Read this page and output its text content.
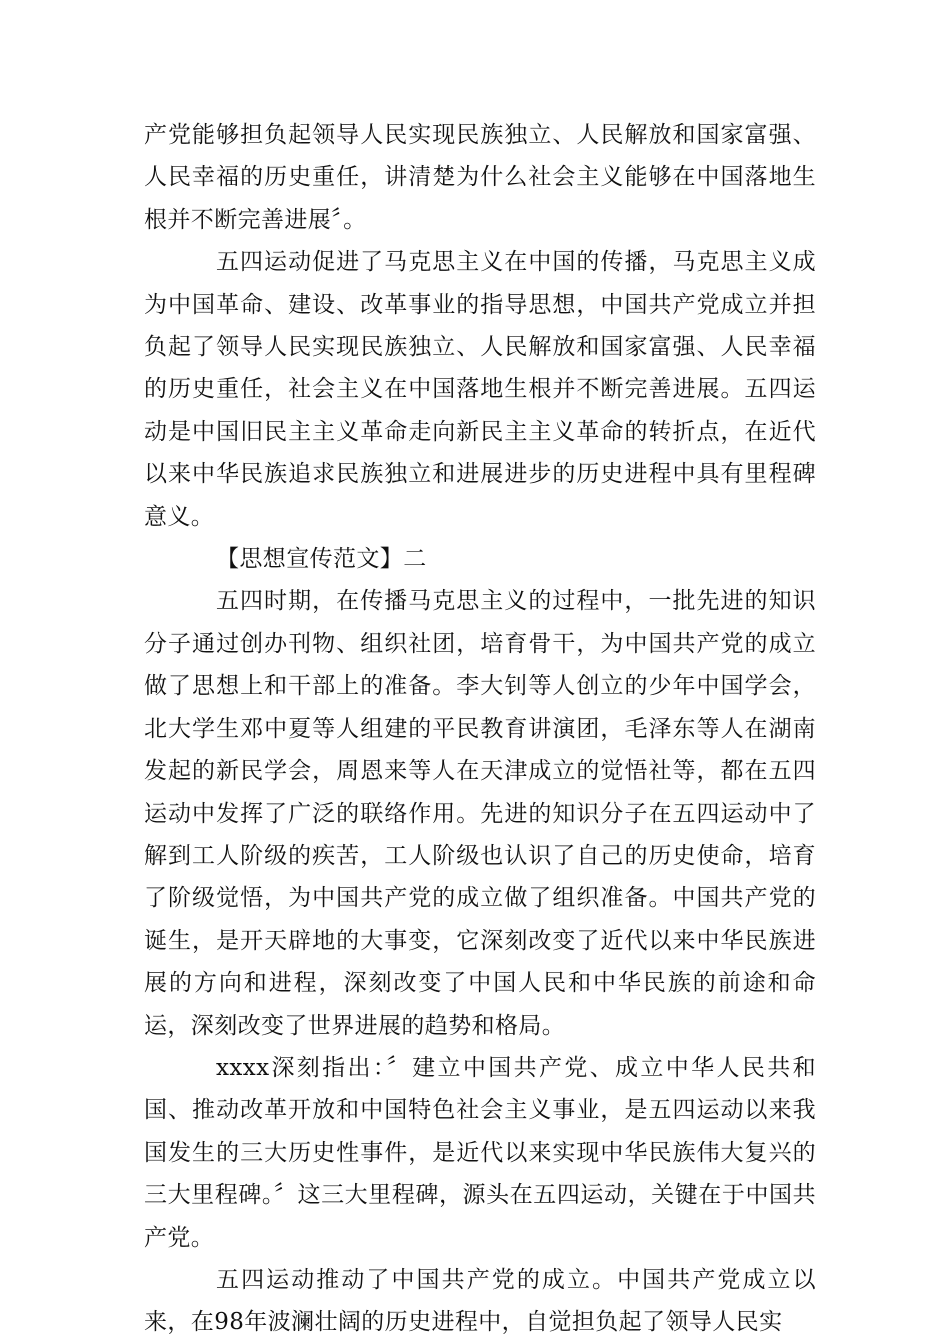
产党能够担负起领导人民实现民族独立、人民解放和国家富强、人民幸福的历史重任，讲清楚为什么社会主义能够在中国落地生根并不断完善进展〞。

五四运动促进了马克思主义在中国的传播，马克思主义成为中国革命、建设、改革事业的指导思想，中国共产党成立并担负起了领导人民实现民族独立、人民解放和国家富强、人民幸福的历史重任，社会主义在中国落地生根并不断完善进展。五四运动是中国旧民主主义革命走向新民主主义革命的转折点，在近代以来中华民族追求民族独立和进展进步的历史进程中具有里程碑意义。

【思想宣传范文】二

五四时期，在传播马克思主义的过程中，一批先进的知识分子通过创办刊物、组织社团，培育骨干，为中国共产党的成立做了思想上和干部上的准备。李大钊等人创立的少年中国学会，北大学生邓中夏等人组建的平民教育讲演团，毛泽东等人在湖南发起的新民学会，周恩来等人在天津成立的觉悟社等，都在五四运动中发挥了广泛的联络作用。先进的知识分子在五四运动中了解到工人阶级的疾苦，工人阶级也认识了自己的历史使命，培育了阶级觉悟，为中国共产党的成立做了组织准备。中国共产党的诞生，是开天辟地的大事变，它深刻改变了近代以来中华民族进展的方向和进程，深刻改变了中国人民和中华民族的前途和命运，深刻改变了世界进展的趋势和格局。

xxxx深刻指出：〞建立中国共产党、成立中华人民共和国、推动改革开放和中国特色社会主义事业，是五四运动以来我国发生的三大历史性事件，是近代以来实现中华民族伟大复兴的三大里程碑。〞这三大里程碑，源头在五四运动，关键在于中国共产党。

五四运动推动了中国共产党的成立。中国共产党成立以来，在98年波澜壮阔的历史进程中，自觉担负起了领导人民实
